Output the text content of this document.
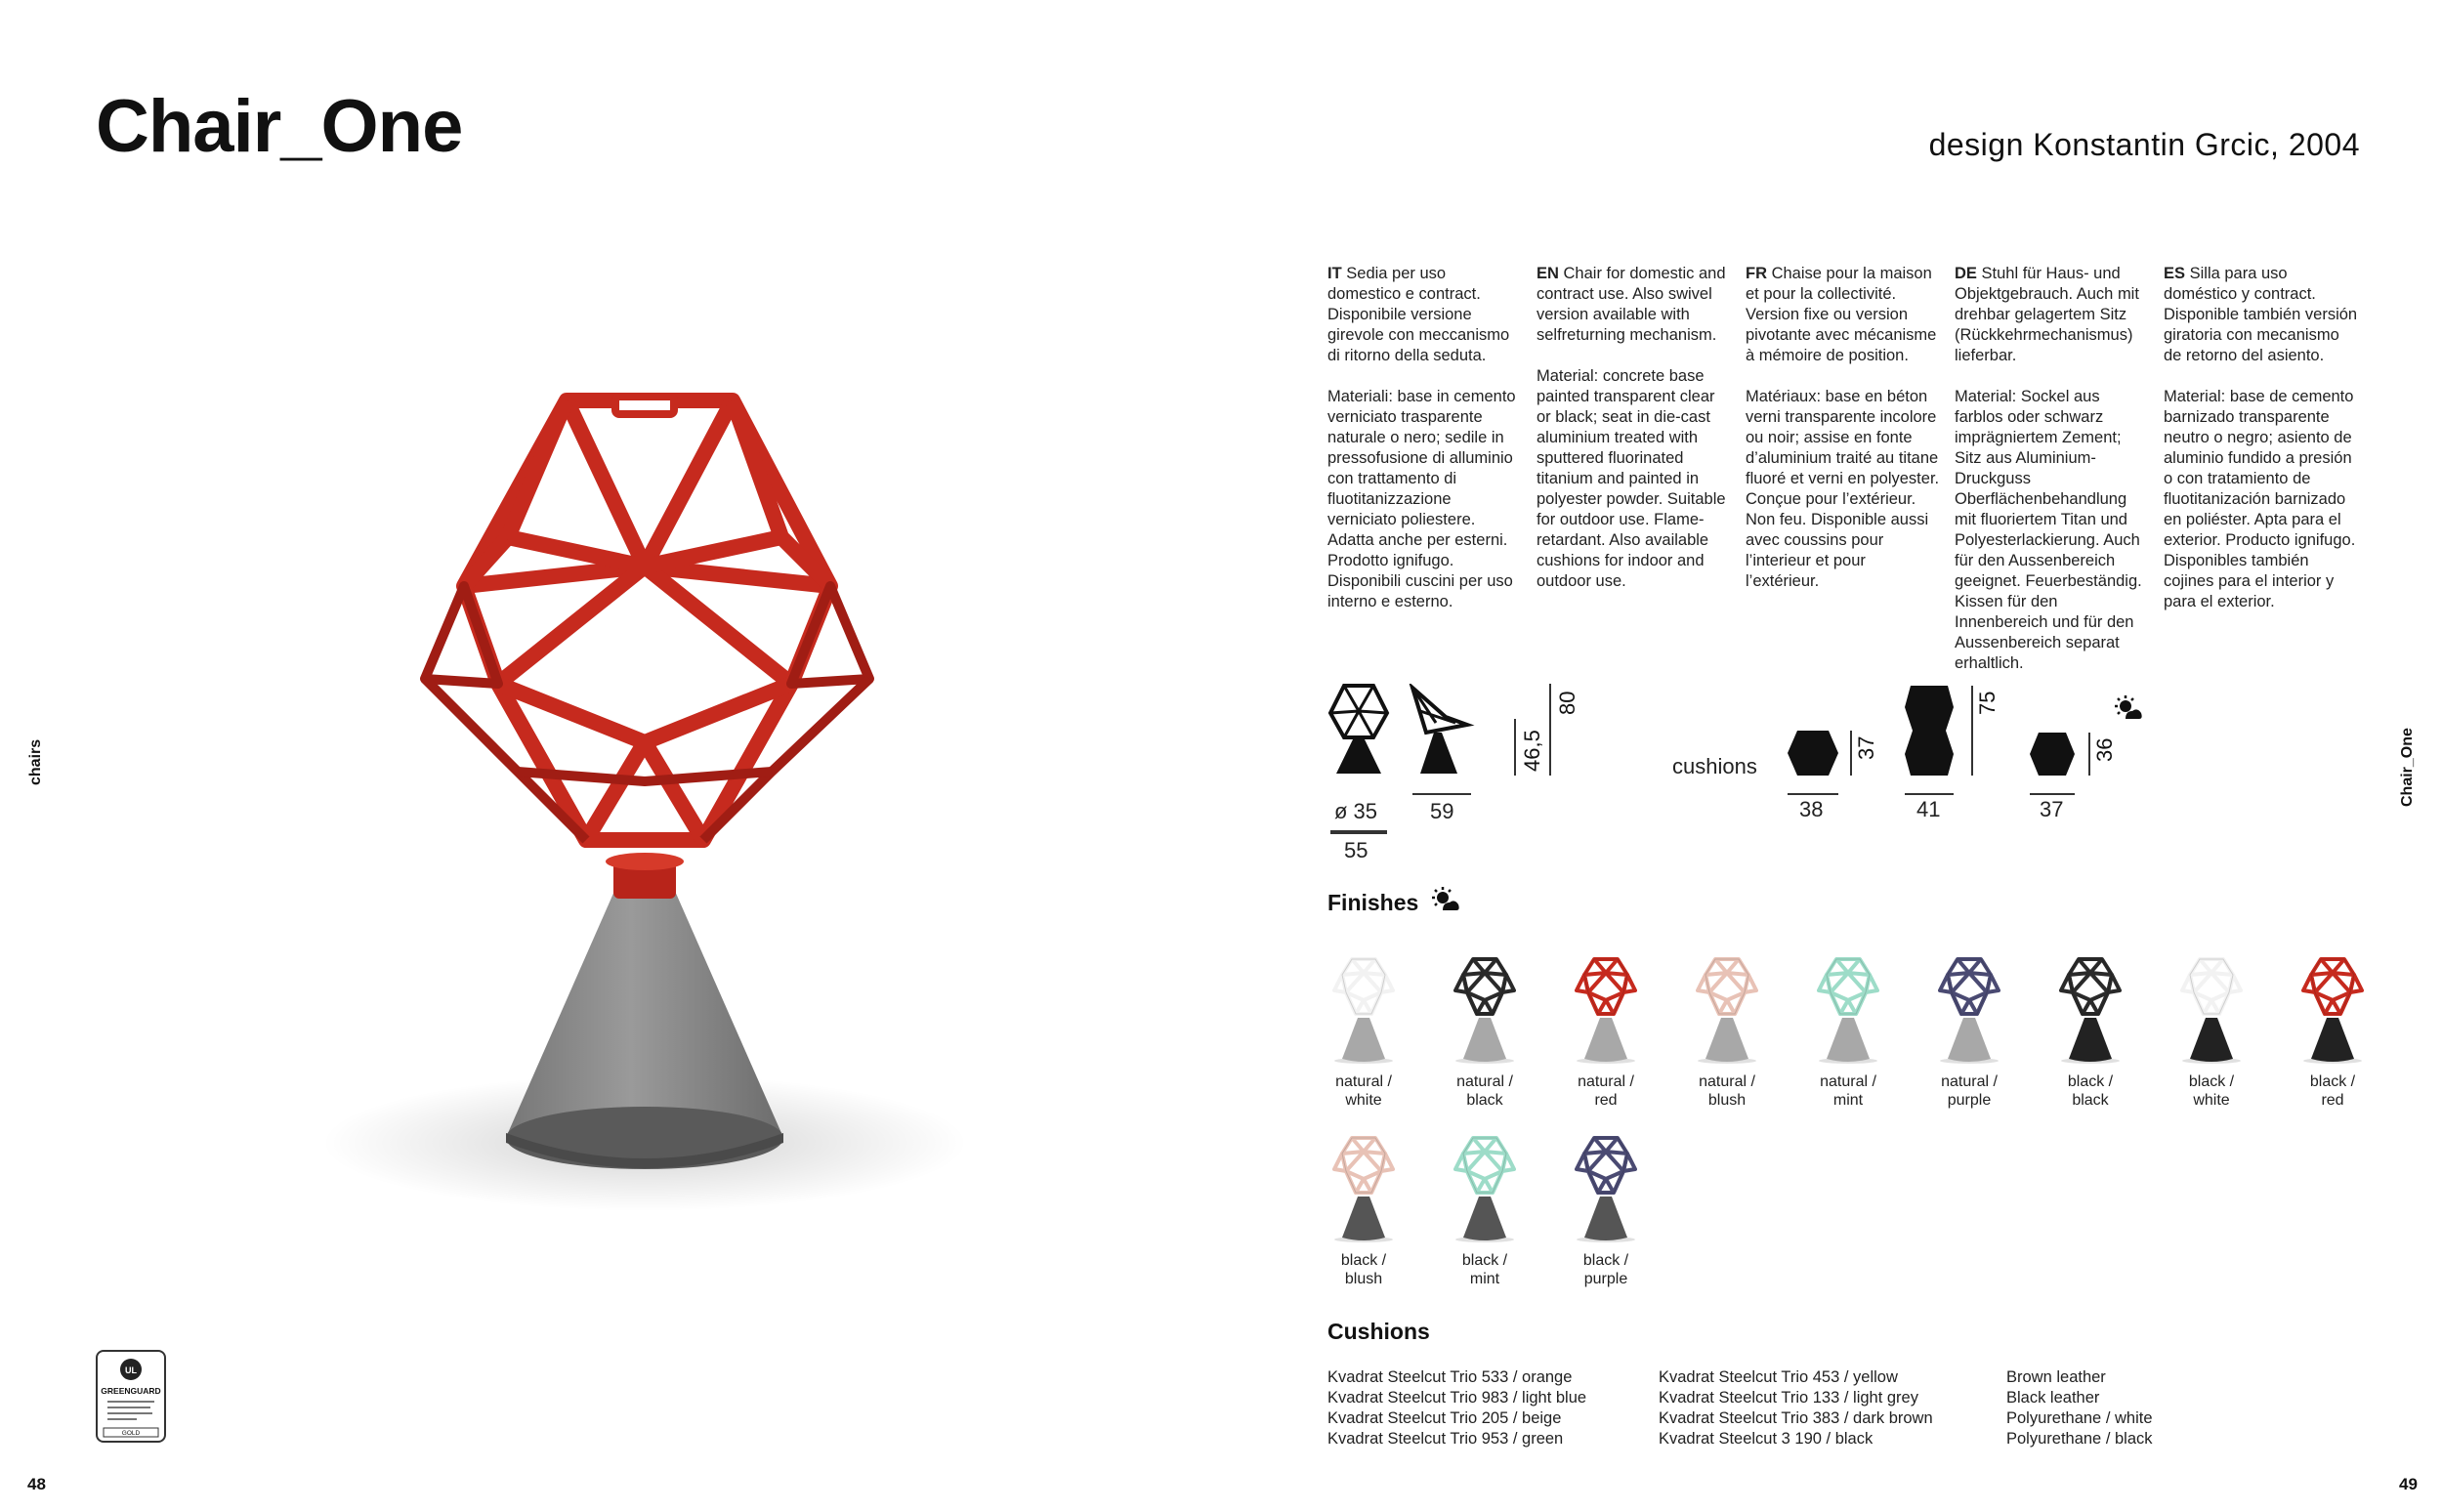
Chair_One	design Konstantin Grcic, 2004
chairs	Chair_One
48	49

IT Sedia per uso domestico e contract. Disponibile versione girevole con meccanismo di ritorno della seduta.

Materiali: base in cemento verniciato trasparente naturale o nero; sedile in pressofusione di alluminio con trattamento di fluotitanizzazione verniciato poliestere. Adatta anche per esterni. Prodotto ignifugo. Disponibili cuscini per uso interno e esterno.

EN Chair for domestic and contract use. Also swivel version available with selfreturning mechanism.

Material: concrete base painted transparent clear or black; seat in die-cast aluminium treated with sputtered fluorinated titanium and painted in polyester powder. Suitable for outdoor use. Flame-retardant. Also available cushions for indoor and outdoor use.

FR Chaise pour la maison et pour la collectivité. Version fixe ou version pivotante avec mécanisme à mémoire de position.

Matériaux: base en béton verni transparente incolore ou noir; assise en fonte d’aluminium traité au titane fluoré et verni en polyester. Conçue pour l’extérieur. Non feu. Disponible aussi avec coussins pour l’interieur et pour l’extérieur.

DE Stuhl für Haus- und Objektgebrauch. Auch mit drehbar gelagertem Sitz (Rückkehrmechanismus) lieferbar.

Material: Sockel aus farblos oder schwarz imprägniertem Zement; Sitz aus Aluminium-Druckguss Oberflächenbehandlung mit fluoriertem Titan und Polyesterlackierung. Auch für den Aussenbereich geeignet. Feuerbeständig. Kissen für den Innenbereich und für den Aussenbereich separat erhaltlich.

ES Silla para uso doméstico y contract. Disponible también versión giratoria con mecanismo de retorno del asiento.

Material: base de cemento barnizado transparente neutro o negro; asiento de aluminio fundido a presión o con tratamiento de fluotitanización barnizado en poliéster. Apta para el exterior. Producto ignifugo. Disponibles también cojines para el interior y para el exterior.

ø 35
55
59
46,5
80
cushions
38
37
41
75
37
36
Finishes
natural /
white
natural /
black
natural /
red
natural /
blush
natural /
mint
natural /
purple
black /
black
black /
white
black /
red
black /
blush
black /
mint
black /
purple
Cushions
Kvadrat Steelcut Trio 533 / orange
Kvadrat Steelcut Trio 983 / light blue
Kvadrat Steelcut Trio 205 / beige
Kvadrat Steelcut Trio 953 / green
Kvadrat Steelcut Trio 453 / yellow
Kvadrat Steelcut Trio 133 / light grey
Kvadrat Steelcut Trio 383 / dark brown
Kvadrat Steelcut 3 190 / black
Brown leather
Black leather
Polyurethane / white
Polyurethane / black
UL
GREENGUARD
GOLD
